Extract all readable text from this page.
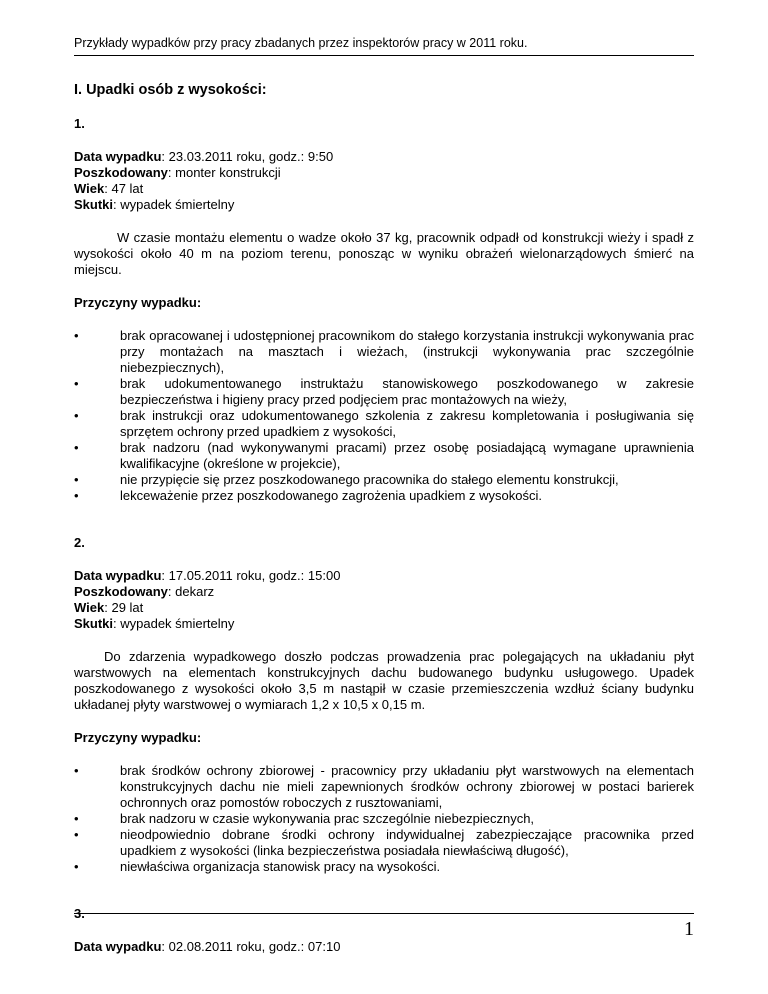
Przykłady wypadków przy pracy zbadanych przez inspektorów pracy w 2011 roku.

I. Upadki osób z wysokości:

1.

Data wypadku: 23.03.2011 roku, godz.: 9:50

Poszkodowany: monter konstrukcji

Wiek: 47 lat

Skutki: wypadek śmiertelny

W czasie montażu elementu o wadze około 37 kg, pracownik odpadł od konstrukcji wieży i spadł z wysokości około 40 m na poziom terenu, ponosząc w wyniku obrażeń wielonarządowych śmierć na miejscu.

Przyczyny wypadku:

• brak opracowanej i udostępnionej pracownikom do stałego korzystania instrukcji wykonywania prac przy montażach na masztach i wieżach, (instrukcji wykonywania prac szczególnie niebezpiecznych),
• brak udokumentowanego instruktażu stanowiskowego poszkodowanego w zakresie bezpieczeństwa i higieny pracy przed podjęciem prac montażowych na wieży,
• brak instrukcji oraz udokumentowanego szkolenia z zakresu kompletowania i posługiwania się sprzętem ochrony przed upadkiem z wysokości,
• brak nadzoru (nad wykonywanymi pracami) przez osobę posiadającą wymagane uprawnienia kwalifikacyjne (określone w projekcie),
• nie przypięcie się przez poszkodowanego pracownika do stałego elementu konstrukcji,
• lekceważenie przez poszkodowanego zagrożenia upadkiem z wysokości.

2.

Data wypadku: 17.05.2011 roku, godz.: 15:00

Poszkodowany: dekarz

Wiek: 29 lat

Skutki: wypadek śmiertelny

Do zdarzenia wypadkowego doszło podczas prowadzenia prac polegających na układaniu płyt warstwowych na elementach konstrukcyjnych dachu budowanego budynku usługowego. Upadek poszkodowanego z wysokości około 3,5 m nastąpił w czasie przemieszczenia wzdłuż ściany budynku układanej płyty warstwowej o wymiarach 1,2 x 10,5 x 0,15 m.

Przyczyny wypadku:

• brak środków ochrony zbiorowej - pracownicy przy układaniu płyt warstwowych na elementach konstrukcyjnych dachu nie mieli zapewnionych środków ochrony zbiorowej w postaci barierek ochronnych oraz pomostów roboczych z rusztowaniami,
• brak nadzoru w czasie wykonywania prac szczególnie niebezpiecznych,
• nieodpowiednio dobrane środki ochrony indywidualnej zabezpieczające pracownika przed upadkiem z wysokości (linka bezpieczeństwa posiadała niewłaściwą długość),
• niewłaściwa organizacja stanowisk pracy na wysokości.

3.

Data wypadku: 02.08.2011 roku, godz.: 07:10

1
